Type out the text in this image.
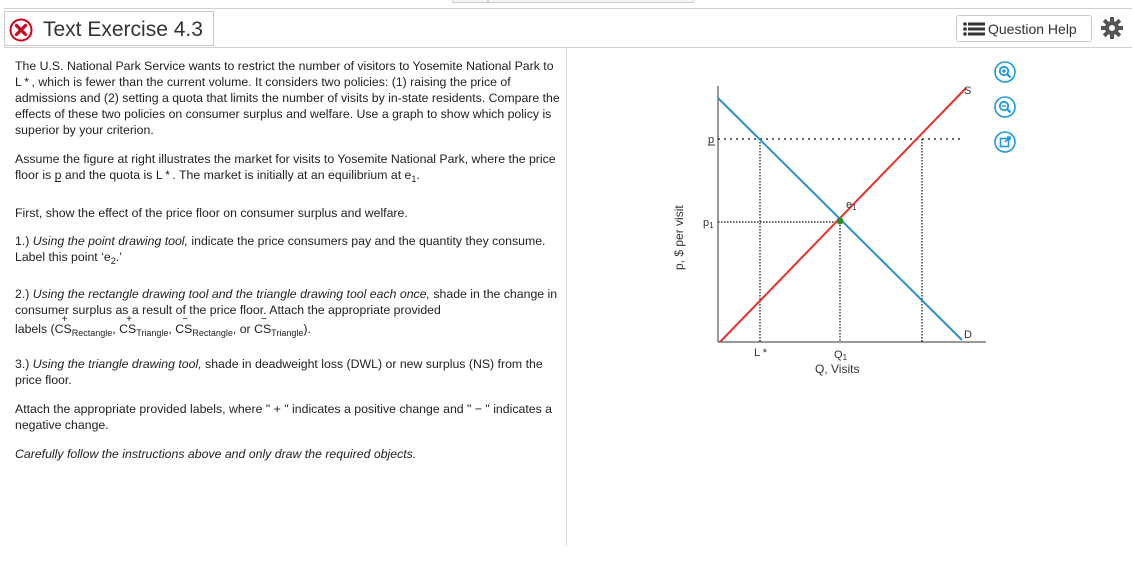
Text Exercise 4.3	Question Help

The U.S. National Park Service wants to restrict the number of visitors to Yosemite National Park to L * , which is fewer than the current volume. It considers two policies: (1) raising the price of admissions and (2) setting a quota that limits the number of visits by in-state residents. Compare the effects of these two policies on consumer surplus and welfare. Use a graph to show which policy is superior by your criterion.

Assume the figure at right illustrates the market for visits to Yosemite National Park, where the price floor is p and the quota is L * . The market is initially at an equilibrium at $e_1$.

First, show the effect of the price floor on consumer surplus and welfare.

1.) Using the point drawing tool, indicate the price consumers pay and the quantity they consume. Label this point ‘$e_2$.’

2.) Using the rectangle drawing tool and the triangle drawing tool each once, shade in the change in consumer surplus as a result of the price floor. Attach the appropriate provided

labels (
+
$CS_{Rectangle}$,
+
$CS_{Triangle}$,
−
$CS_{Rectangle}$, or
−
$CS_{Triangle}$).

3.) Using the triangle drawing tool, shade in deadweight loss (DWL) or new surplus (NS) from the price floor.

Attach the appropriate provided labels, where " + " indicates a positive change and " − " indicates a negative change.

Carefully follow the instructions above and only draw the required objects.

p, $ per visit
p
p1
e1
S
D
L *	Q1
Q, Visits
